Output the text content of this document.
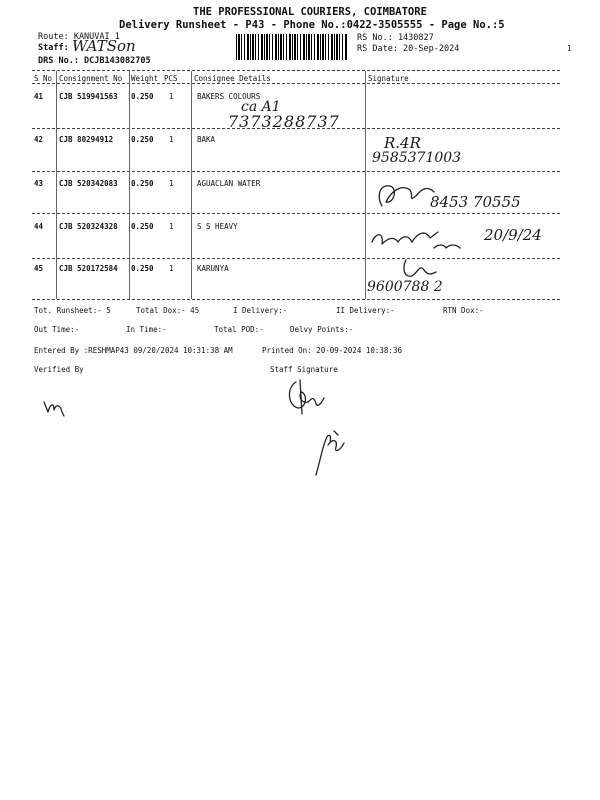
THE PROFESSIONAL COURIERS, COIMBATORE
Delivery Runsheet - P43 - Phone No.:0422-3505555 - Page No.:5
Route: KANUVAI 1
Staff: WATSon
DRS No.: DCJB143082705
RS No.: 1430827
RS Date: 20-Sep-2024	1
S No Consignment No Weight PCS Consignee Details	Signature
41 CJB 519941563 0.250 1	BAKERS COLOURS
ca A1
7373288737
42 CJB 80294912 0.250 1	BAKA	R.4R
9585371003
43 CJB 520342083 0.250 1	AGUACLAN WATER
8453 70555
44 CJB 520324328 0.250 1	S S HEAVY	20/9/24
45 CJB 520172584 0.250 1	KARUNYA
9600788 2
Tot. Runsheet:- 5	Total Dox:- 45	I Delivery:-	II Delivery:-	RTN Dox:-
Out Time:-	In Time:-	Total POD:-	Delvy Points:-
Entered By :RESHMAP43 09/20/2024 10:31:38 AM	Printed On: 20-09-2024 10:38:36
Verified By	Staff Signature
